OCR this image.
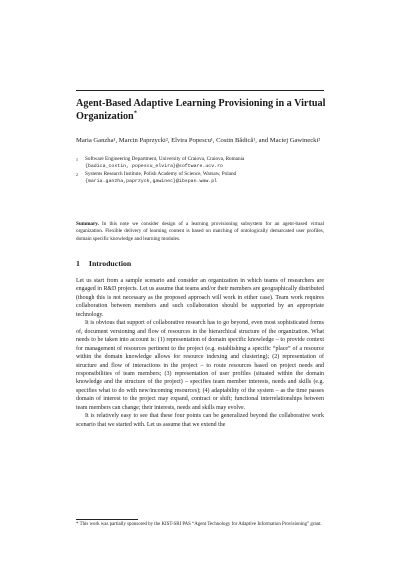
Agent-Based Adaptive Learning Provisioning in a Virtual Organization*
Maria Ganzha¹, Marcin Paprzycki², Elvira Popescu¹, Costin Bădică¹, and Maciej Gawinecki²
1 Software Engineering Department, University of Craiova, Craiova, Romania
{badica_costin, popescu_elvira}@software.ucv.ro
2 Systems Research Institute, Polish Academy of Science, Warsaw, Poland
{maria.ganzha,paprzyck,gawinec}@ibspan.waw.pl
Summary. In this note we consider design of a learning provisioning subsystem for an agent-based virtual organization. Flexible delivery of learning content is based on matching of ontologically demarcated user profiles, domain specific knowledge and learning modules.
1 Introduction

Let us start from a sample scenario and consider an organization in which teams of researchers are engaged in R&D projects. Let us assume that teams and/or their members are geographically distributed (though this is not necessary as the proposed approach will work in either case). Team work requires collaboration between members and such collaboration should be supported by an appropriate technology.

It is obvious that support of collaborative research has to go beyond, even most sophisticated forms of, document versioning and flow of resources in the hierarchical structure of the organization. What needs to be taken into account is: (1) representation of domain specific knowledge – to provide context for management of resources pertinent to the project (e.g. establishing a specific “place” of a resource within the domain knowledge allows for resource indexing and clustering); (2) representation of structure and flow of interactions in the project – to route resources based on project needs and responsibilities of team members; (3) representation of user profiles (situated within the domain knowledge and the structure of the project) – specifies team member interests, needs and skills (e.g. specifies what to do with new/incoming resources); (4) adaptability of the system – as the time passes domain of interest to the project may expand, contract or shift; functional interrelationships between team members can change; their interests, needs and skills may evolve.

It is relatively easy to see that these four points can be generalized beyond the collaborative work scenario that we started with. Let us assume that we extend the

* This work was partially sponsored by the KIST-SRI PAS “Agent Technology for Adaptive Information Provisioning” grant.
